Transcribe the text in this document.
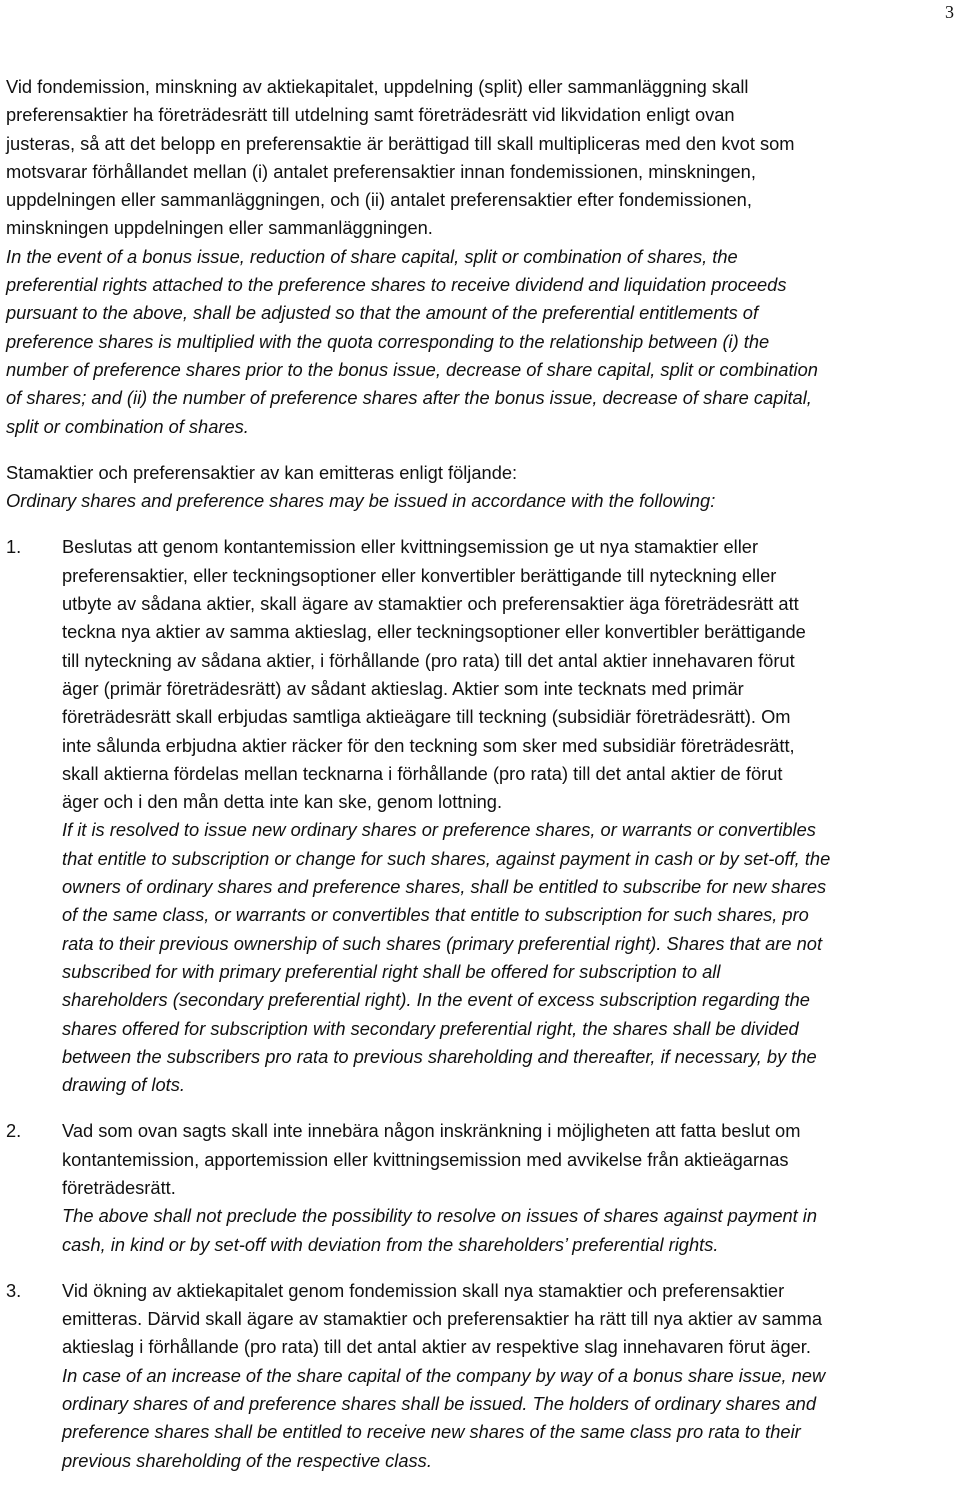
3
Vid fondemission, minskning av aktiekapitalet, uppdelning (split) eller sammanläggning skall
preferensaktier ha företrädesrätt till utdelning samt företrädesrätt vid likvidation enligt ovan
justeras, så att det belopp en preferensaktie är berättigad till skall multipliceras med den kvot som
motsvarar förhållandet mellan (i) antalet preferensaktier innan fondemissionen, minskningen,
uppdelningen eller sammanläggningen, och (ii) antalet preferensaktier efter fondemissionen,
minskningen uppdelningen eller sammanläggningen.
In the event of a bonus issue, reduction of share capital, split or combination of shares, the
preferential rights attached to the preference shares to receive dividend and liquidation proceeds
pursuant to the above, shall be adjusted so that the amount of the preferential entitlements of
preference shares is multiplied with the quota corresponding to the relationship between (i) the
number of preference shares prior to the bonus issue, decrease of share capital, split or combination
of shares; and (ii) the number of preference shares after the bonus issue, decrease of share capital,
split or combination of shares.
Stamaktier och preferensaktier av kan emitteras enligt följande:
Ordinary shares and preference shares may be issued in accordance with the following:
1. Beslutas att genom kontantemission eller kvittningsemission ge ut nya stamaktier eller
preferensaktier, eller teckningsoptioner eller konvertibler berättigande till nyteckning eller
utbyte av sådana aktier, skall ägare av stamaktier och preferensaktier äga företrädesrätt att
teckna nya aktier av samma aktieslag, eller teckningsoptioner eller konvertibler berättigande
till nyteckning av sådana aktier, i förhållande (pro rata) till det antal aktier innehavaren förut
äger (primär företrädesrätt) av sådant aktieslag. Aktier som inte tecknats med primär
företrädesrätt skall erbjudas samtliga aktieägare till teckning (subsidiär företrädesrätt). Om
inte sålunda erbjudna aktier räcker för den teckning som sker med subsidiär företrädesrätt,
skall aktierna fördelas mellan tecknarna i förhållande (pro rata) till det antal aktier de förut
äger och i den mån detta inte kan ske, genom lottning.
If it is resolved to issue new ordinary shares or preference shares, or warrants or convertibles
that entitle to subscription or change for such shares, against payment in cash or by set-off, the
owners of ordinary shares and preference shares, shall be entitled to subscribe for new shares
of the same class, or warrants or convertibles that entitle to subscription for such shares, pro
rata to their previous ownership of such shares (primary preferential right). Shares that are not
subscribed for with primary preferential right shall be offered for subscription to all
shareholders (secondary preferential right). In the event of excess subscription regarding the
shares offered for subscription with secondary preferential right, the shares shall be divided
between the subscribers pro rata to previous shareholding and thereafter, if necessary, by the
drawing of lots.
2. Vad som ovan sagts skall inte innebära någon inskränkning i möjligheten att fatta beslut om
kontantemission, apportemission eller kvittningsemission med avvikelse från aktieägarnas
företrädesrätt.
The above shall not preclude the possibility to resolve on issues of shares against payment in
cash, in kind or by set-off with deviation from the shareholders’ preferential rights.
3. Vid ökning av aktiekapitalet genom fondemission skall nya stamaktier och preferensaktier
emitteras. Därvid skall ägare av stamaktier och preferensaktier ha rätt till nya aktier av samma
aktieslag i förhållande (pro rata) till det antal aktier av respektive slag innehavaren förut äger.
In case of an increase of the share capital of the company by way of a bonus share issue, new
ordinary shares of and preference shares shall be issued. The holders of ordinary shares and
preference shares shall be entitled to receive new shares of the same class pro rata to their
previous shareholding of the respective class.
